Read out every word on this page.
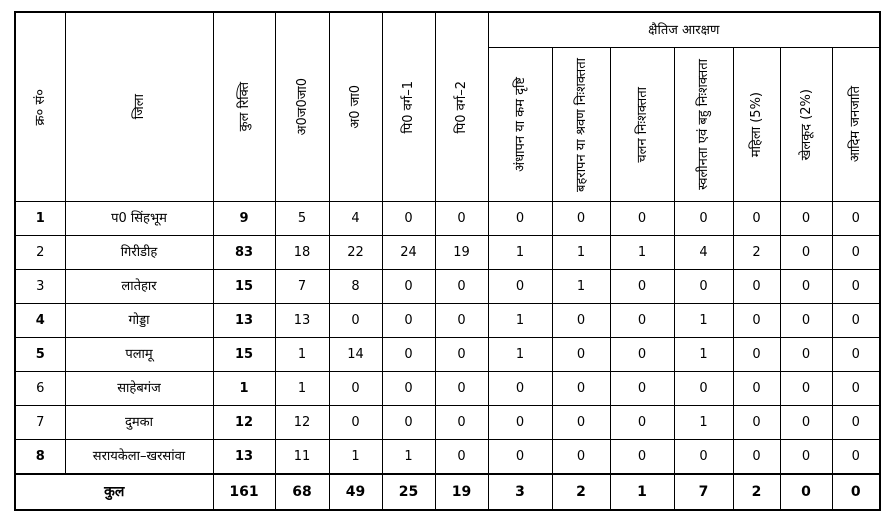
क्र० सं०	जिला	कुल रिक्ति	अ0ज0जा0	अ0 जा0	पि0 वर्ग–1	पि0 वर्ग–2	क्षैतिज आरक्षण						

							अंधापन या कम दृष्टि	बहरापन या श्रवण निःशक्तता	चलन निःशक्तता	स्वलीनता एवं बहु निःशक्तता	महिला (5%)	खेलकूद (2%)	आदिम जनजाति

1	प0 सिंहभूम	9	5	4	0	0	0	0	0	0	0	0	0
2	गिरीडीह	83	18	22	24	19	1	1	1	4	2	0	0
3	लातेहार	15	7	8	0	0	0	1	0	0	0	0	0
4	गोड्डा	13	13	0	0	0	1	0	0	1	0	0	0
5	पलामू	15	1	14	0	0	1	0	0	1	0	0	0
6	साहेबगंज	1	1	0	0	0	0	0	0	0	0	0	0
7	दुमका	12	12	0	0	0	0	0	0	1	0	0	0
8	सरायकेला–खरसांवा	13	11	1	1	0	0	0	0	0	0	0	0
कुल		161	68	49	25	19	3	2	1	7	2	0	0
